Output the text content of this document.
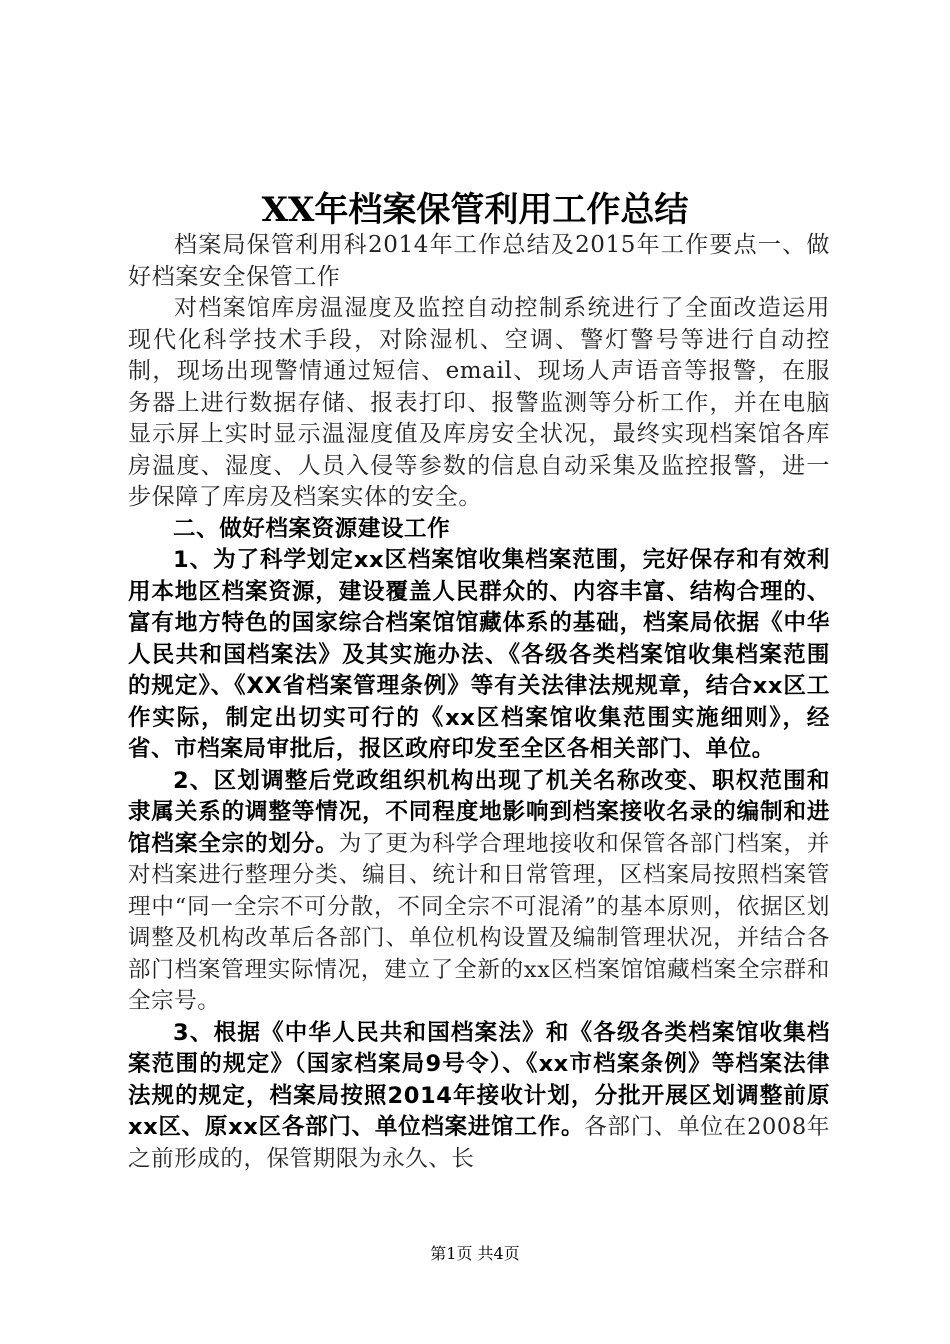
XX年档案保管利用工作总结

档案局保管利用科2014年工作总结及2015年工作要点一、做好档案安全保管工作

对档案馆库房温湿度及监控自动控制系统进行了全面改造运用现代化科学技术手段，对除湿机、空调、警灯警号等进行自动控制，现场出现警情通过短信、email、现场人声语音等报警，在服务器上进行数据存储、报表打印、报警监测等分析工作，并在电脑显示屏上实时显示温湿度值及库房安全状况，最终实现档案馆各库房温度、湿度、人员入侵等参数的信息自动采集及监控报警，进一步保障了库房及档案实体的安全。

二、做好档案资源建设工作

1、为了科学划定xx区档案馆收集档案范围，完好保存和有效利用本地区档案资源，建设覆盖人民群众的、内容丰富、结构合理的、富有地方特色的国家综合档案馆馆藏体系的基础，档案局依据《中华人民共和国档案法》及其实施办法、《各级各类档案馆收集档案范围的规定》、《XX省档案管理条例》等有关法律法规规章，结合xx区工作实际，制定出切实可行的《xx区档案馆收集范围实施细则》，经省、市档案局审批后，报区政府印发至全区各相关部门、单位。

2、区划调整后党政组织机构出现了机关名称改变、职权范围和隶属关系的调整等情况，不同程度地影响到档案接收名录的编制和进馆档案全宗的划分。为了更为科学合理地接收和保管各部门档案，并对档案进行整理分类、编目、统计和日常管理，区档案局按照档案管理中“同一全宗不可分散，不同全宗不可混淆”的基本原则，依据区划调整及机构改革后各部门、单位机构设置及编制管理状况，并结合各部门档案管理实际情况，建立了全新的xx区档案馆馆藏档案全宗群和全宗号。

3、根据《中华人民共和国档案法》和《各级各类档案馆收集档案范围的规定》（国家档案局9号令）、《xx市档案条例》等档案法律法规的规定，档案局按照2014年接收计划，分批开展区划调整前原xx区、原xx区各部门、单位档案进馆工作。各部门、单位在2008年之前形成的，保管期限为永久、长

第1页 共4页
